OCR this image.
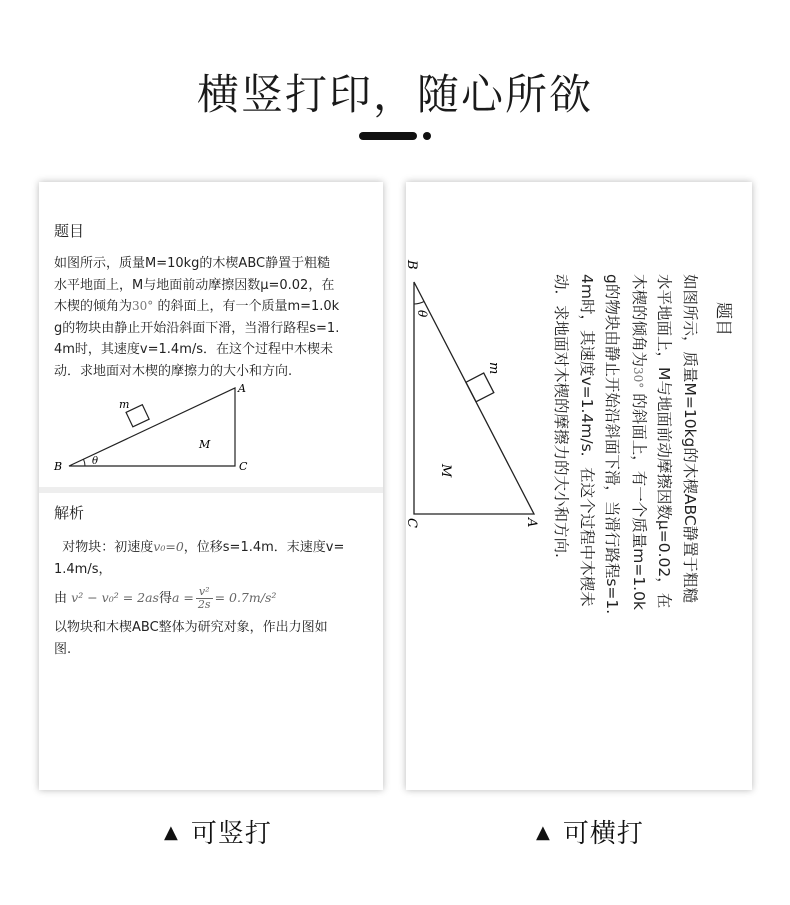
横竖打印，随心所欲
题目
如图所示，质量M=10kg的木楔ABC静置于粗糙
水平地面上，M与地面前动摩擦因数μ=0.02，在
木楔的倾角为30° 的斜面上，有一个质量m=1.0k
g的物块由静止开始沿斜面下滑，当滑行路程s=1.
4m时，其速度v=1.4m/s．在这个过程中木楔未
动．求地面对木楔的摩擦力的大小和方向.
B
A
C
m
M
θ
解析
对物块：初速度v₀=0，位移s=1.4m．末速度v=
1.4m/s，
由 v² − v₀² = 2as得$a = \frac{\text{v²}}{2s} = 0.7m/s^2$
以物块和木楔ABC整体为研究对象，作出力图如
图.
题目
如图所示，质量M=10kg的木楔ABC静置于粗糙
水平地面上，M与地面前动摩擦因数μ=0.02，在
木楔的倾角为30° 的斜面上，有一个质量m=1.0k
g的物块由静止开始沿斜面下滑，当滑行路程s=1.
4m时，其速度v=1.4m/s．在这个过程中木楔未
动．求地面对木楔的摩擦力的大小和方向.
A
C
m
M
θ
B
▲ 可竖打	▲ 可横打
